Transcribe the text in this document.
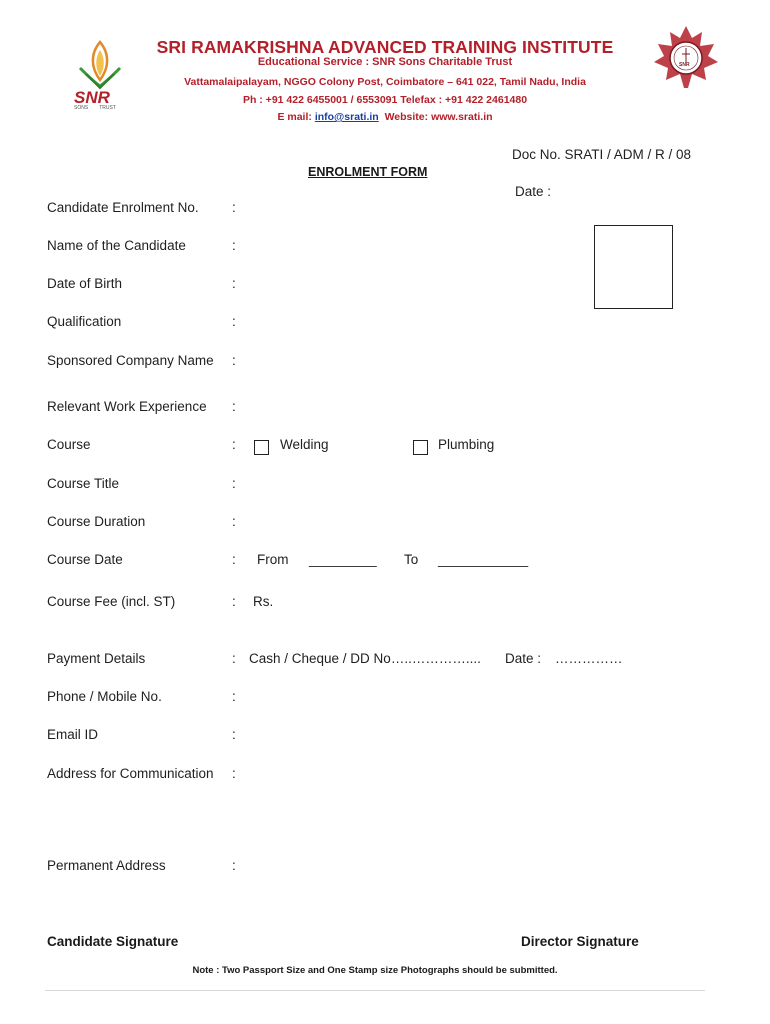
SNR
SONS        TRUST
SNR
SRI RAMAKRISHNA ADVANCED TRAINING INSTITUTE
Educational Service : SNR Sons Charitable Trust
Vattamalaipalayam, NGGO Colony Post, Coimbatore – 641 022, Tamil Nadu, India
Ph : +91 422 6455001 / 6553091 Telefax : +91 422 2461480
E mail: info@srati.in  Website: www.srati.in
Doc No. SRATI / ADM / R / 08
ENROLMENT FORM
Date :
Candidate Enrolment No. :
Name of the Candidate	:
Date of Birth	:
Qualification	:
Sponsored Company Name :
Relevant Work Experience :
Course	:	Welding	Plumbing
Course Title	:
Course Duration	:
Course Date	: From _________ To ____________
Course Fee (incl. ST)	: Rs.
Payment Details	: Cash / Cheque / DD No…..………….... Date : ……………
Phone / Mobile No.	:
Email ID	:
Address for Communication :
Permanent Address	:
Candidate Signature	Director Signature
Note : Two Passport Size and One Stamp size Photographs should be submitted.
